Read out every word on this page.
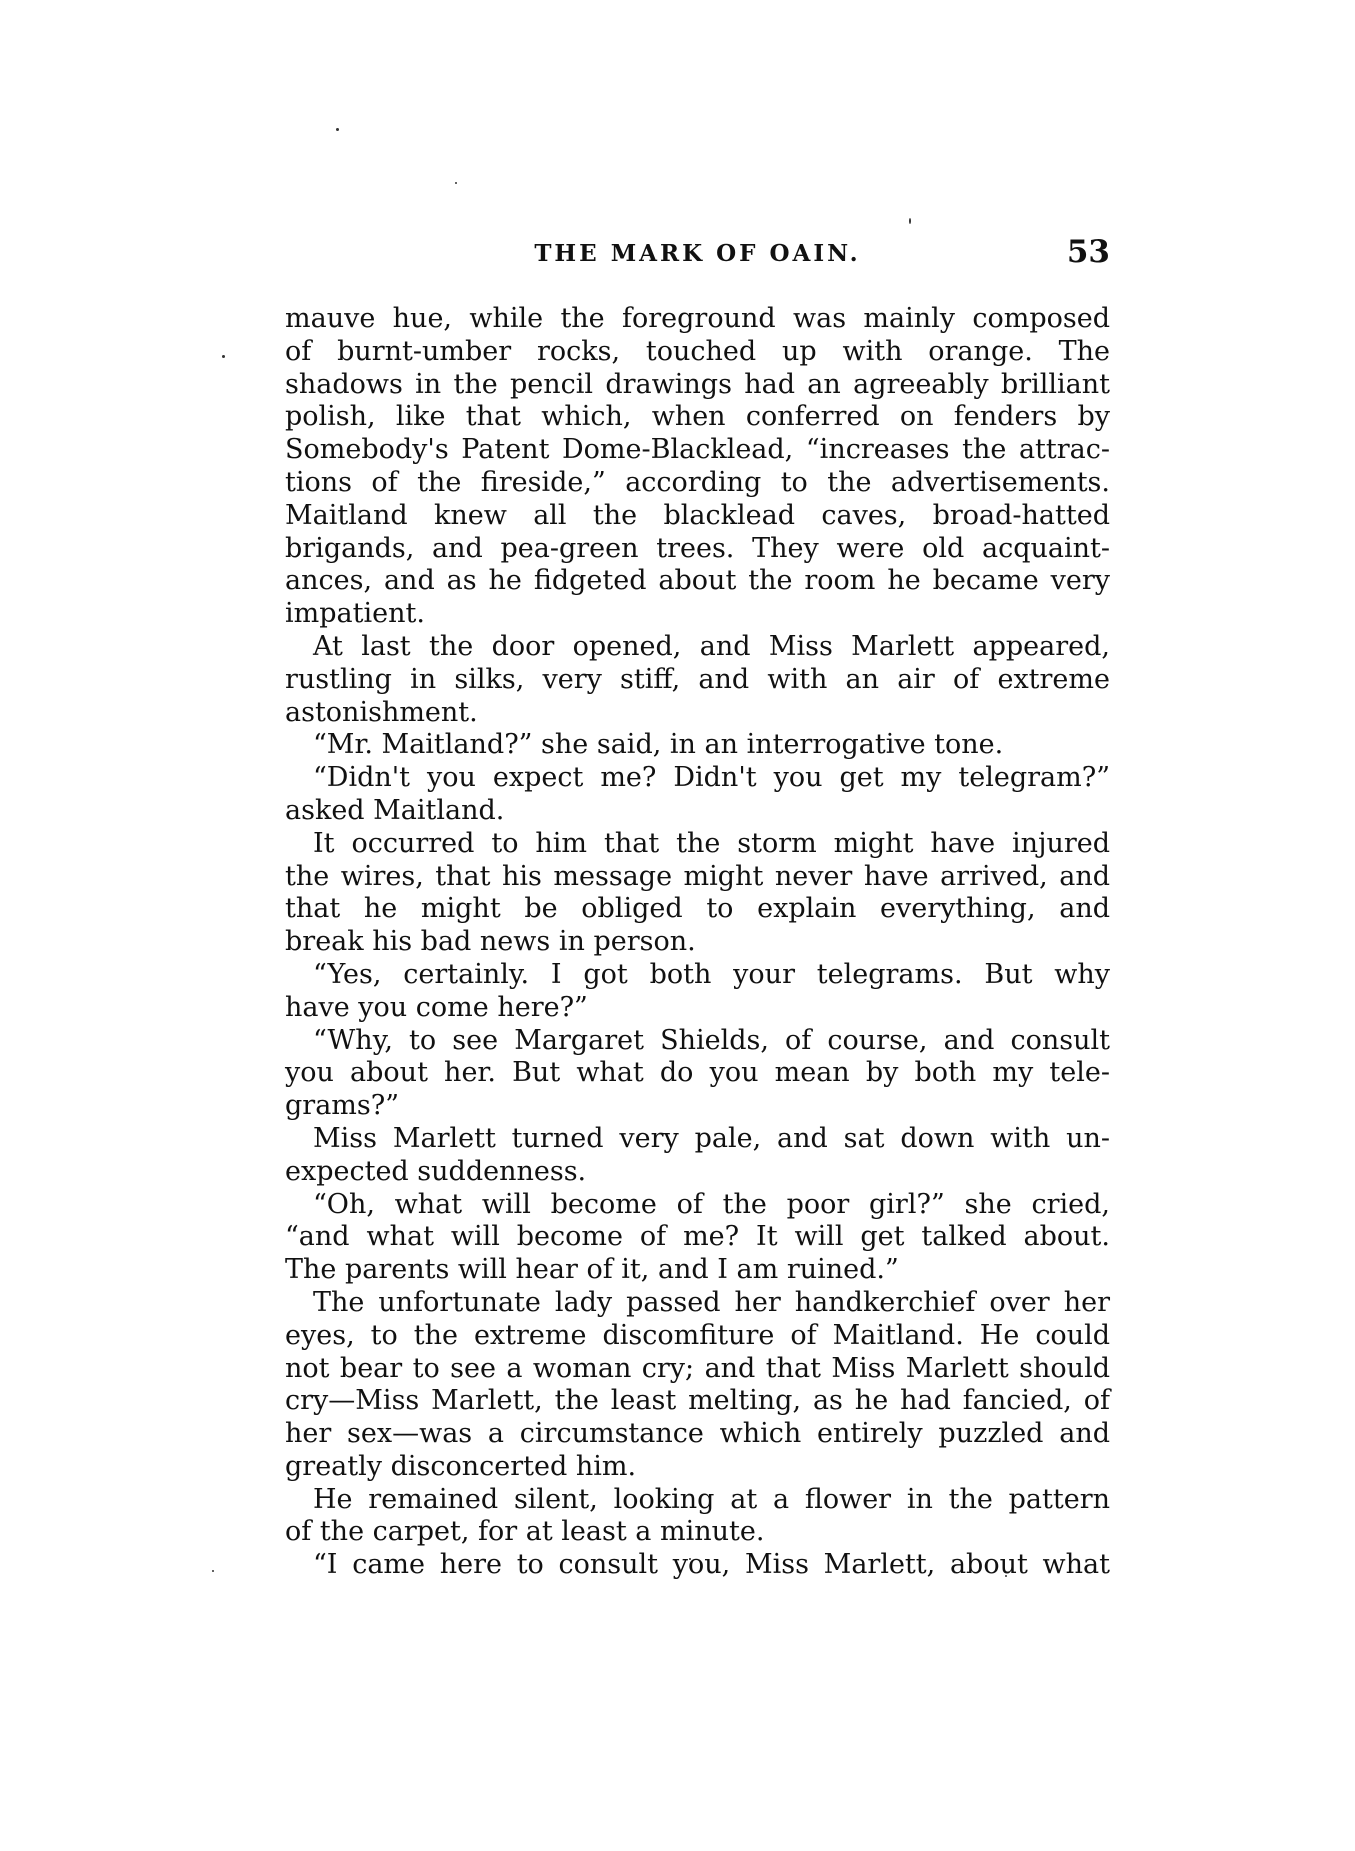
THE MARK OF OAIN.	53
mauve hue, while the foreground was mainly composed
of burnt-umber rocks, touched up with orange. The
shadows in the pencil drawings had an agreeably brilliant
polish, like that which, when conferred on fenders by
Somebody's Patent Dome-Blacklead, “increases the attrac-
tions of the fireside,” according to the advertisements.
Maitland knew all the blacklead caves, broad-hatted
brigands, and pea-green trees. They were old acquaint-
ances, and as he fidgeted about the room he became very
impatient.
At last the door opened, and Miss Marlett appeared,
rustling in silks, very stiff, and with an air of extreme
astonishment.
“Mr. Maitland?” she said, in an interrogative tone.
“Didn't you expect me? Didn't you get my telegram?”
asked Maitland.
It occurred to him that the storm might have injured
the wires, that his message might never have arrived, and
that he might be obliged to explain everything, and
break his bad news in person.
“Yes, certainly. I got both your telegrams. But why
have you come here?”
“Why, to see Margaret Shields, of course, and consult
you about her. But what do you mean by both my tele-
grams?”
Miss Marlett turned very pale, and sat down with un-
expected suddenness.
“Oh, what will become of the poor girl?” she cried,
“and what will become of me? It will get talked about.
The parents will hear of it, and I am ruined.”
The unfortunate lady passed her handkerchief over her
eyes, to the extreme discomfiture of Maitland. He could
not bear to see a woman cry; and that Miss Marlett should
cry—Miss Marlett, the least melting, as he had fancied, of
her sex—was a circumstance which entirely puzzled and
greatly disconcerted him.
He remained silent, looking at a flower in the pattern
of the carpet, for at least a minute.
“I came here to consult you, Miss Marlett, about what
